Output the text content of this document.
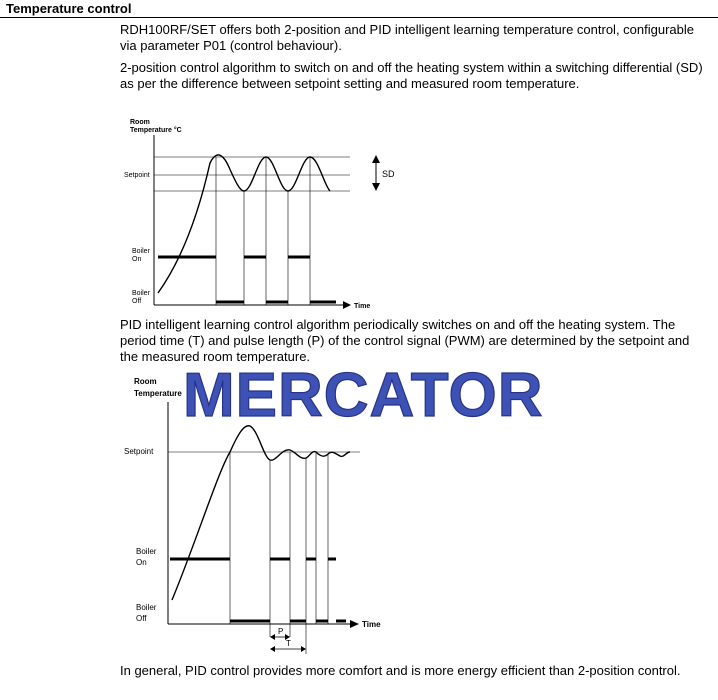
Temperature control
RDH100RF/SET offers both 2-position and PID intelligent learning temperature control, configurable via parameter P01 (control behaviour).
2-position control algorithm to switch on and off the heating system within a switching differential (SD) as per the difference between setpoint setting and measured room temperature.
Room
Temperature °C
Time
Setpoint	SD
Boiler
On
Boiler
Off
PID intelligent learning control algorithm periodically switches on and off the heating system. The period time (T) and pulse length (P) of the control signal (PWM) are determined by the setpoint and the measured room temperature.
Room
Temperature
Time
Setpoint
Boiler
On
Boiler
Off
P
T
MERCATOR
In general, PID control provides more comfort and is more energy efficient than 2-position control.
